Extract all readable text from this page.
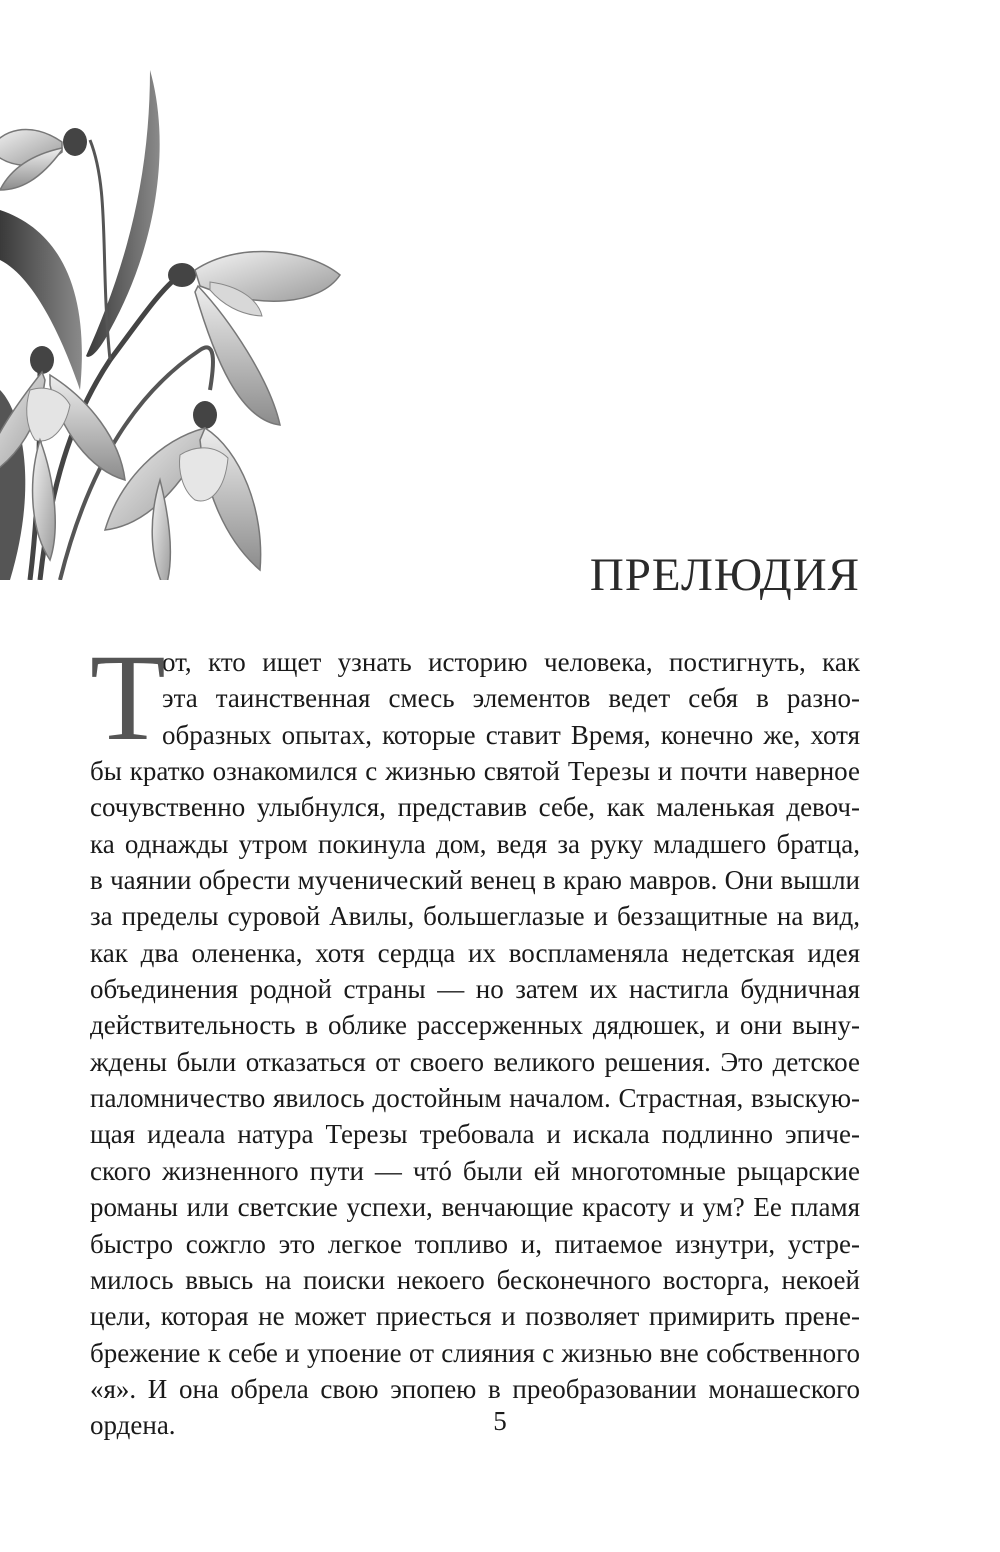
ПРЕЛЮДИЯ
Т
от, кто ищет узнать историю человека, постигнуть, как
эта таинственная смесь элементов ведет себя в разно-
образных опытах, которые ставит Время, конечно же, хотя
бы кратко ознакомился с жизнью святой Терезы и почти наверное
сочувственно улыбнулся, представив себе, как маленькая девоч-
ка однажды утром покинула дом, ведя за руку младшего братца,
в чаянии обрести мученический венец в краю мавров. Они вышли
за пределы суровой Авилы, большеглазые и беззащитные на вид,
как два олененка, хотя сердца их воспламеняла недетская идея
объединения родной страны — но затем их настигла будничная
действительность в облике рассерженных дядюшек, и они выну-
ждены были отказаться от своего великого решения. Это детское
паломничество явилось достойным началом. Страстная, взыскую-
щая идеала натура Терезы требовала и искала подлинно эпиче-
ского жизненного пути — чтó были ей многотомные рыцарские
романы или светские успехи, венчающие красоту и ум? Ее пламя
быстро сожгло это легкое топливо и, питаемое изнутри, устре-
милось ввысь на поиски некоего бесконечного восторга, некоей
цели, которая не может приесться и позволяет примирить прене-
брежение к себе и упоение от слияния с жизнью вне собственного
«я». И она обрела свою эпопею в преобразовании монашеского
ордена.	5
